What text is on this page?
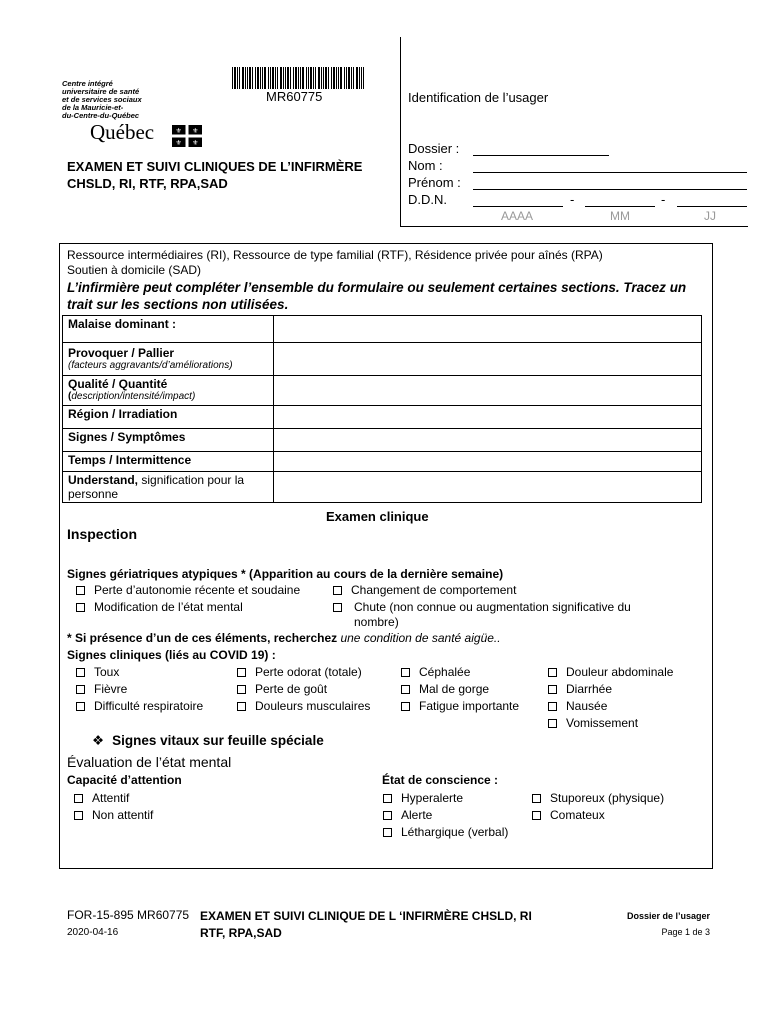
Centre intégré
universitaire de santé
et de services sociaux
de la Mauricie-et-
du-Centre-du-Québec
Québec	⚜ ⚜
⚜ ⚜
MR60775
EXAMEN ET SUIVI CLINIQUES DE L’INFIRMÈRE
CHSLD, RI, RTF, RPA,SAD
Identification de l’usager
Dossier :
Nom :
Prénom :
D.D.N.	-	-
AAAA	MM	JJ
Ressource intermédiaires (RI), Ressource de type familial (RTF), Résidence privée pour aînés (RPA)
Soutien à domicile (SAD)
L’infirmière peut compléter l’ensemble du formulaire ou seulement certaines sections. Tracez un trait sur les sections non utilisées.
Malaise dominant :	

Provoquer / Pallier
(facteurs aggravants/d’améliorations)	

Qualité / Quantité
(description/intensité/impact)	

Région / Irradiation	
Signes / Symptômes	
Temps / Intermittence	
Understand, signification pour la personne	
Examen clinique
Inspection
Signes gériatriques atypiques * (Apparition au cours de la dernière semaine)
Perte d’autonomie récente et soudaine	Changement de comportement
Modification de l’état mental	Chute (non connue ou augmentation significative du nombre)
* Si présence d’un de ces éléments, recherchez une condition de santé aigüe..
Signes cliniques (liés au COVID 19) :
Toux	Perte odorat (totale)	Céphalée	Douleur abdominale
Fièvre	Perte de goût	Mal de gorge	Diarrhée
Difficulté respiratoire	Douleurs musculaires	Fatigue importante	Nausée
Vomissement
❖ Signes vitaux sur feuille spéciale
Évaluation de l’état mental
Capacité d’attention
Attentif
Non attentif
État de conscience :
Hyperalerte
Alerte
Léthargique (verbal)
Stuporeux (physique)
Comateux
FOR-15-895 MR60775
2020-04-16
EXAMEN ET SUIVI CLINIQUE DE L ‘INFIRMÈRE CHSLD, RI RTF, RPA,SAD
Dossier de l’usager
Page 1 de 3
